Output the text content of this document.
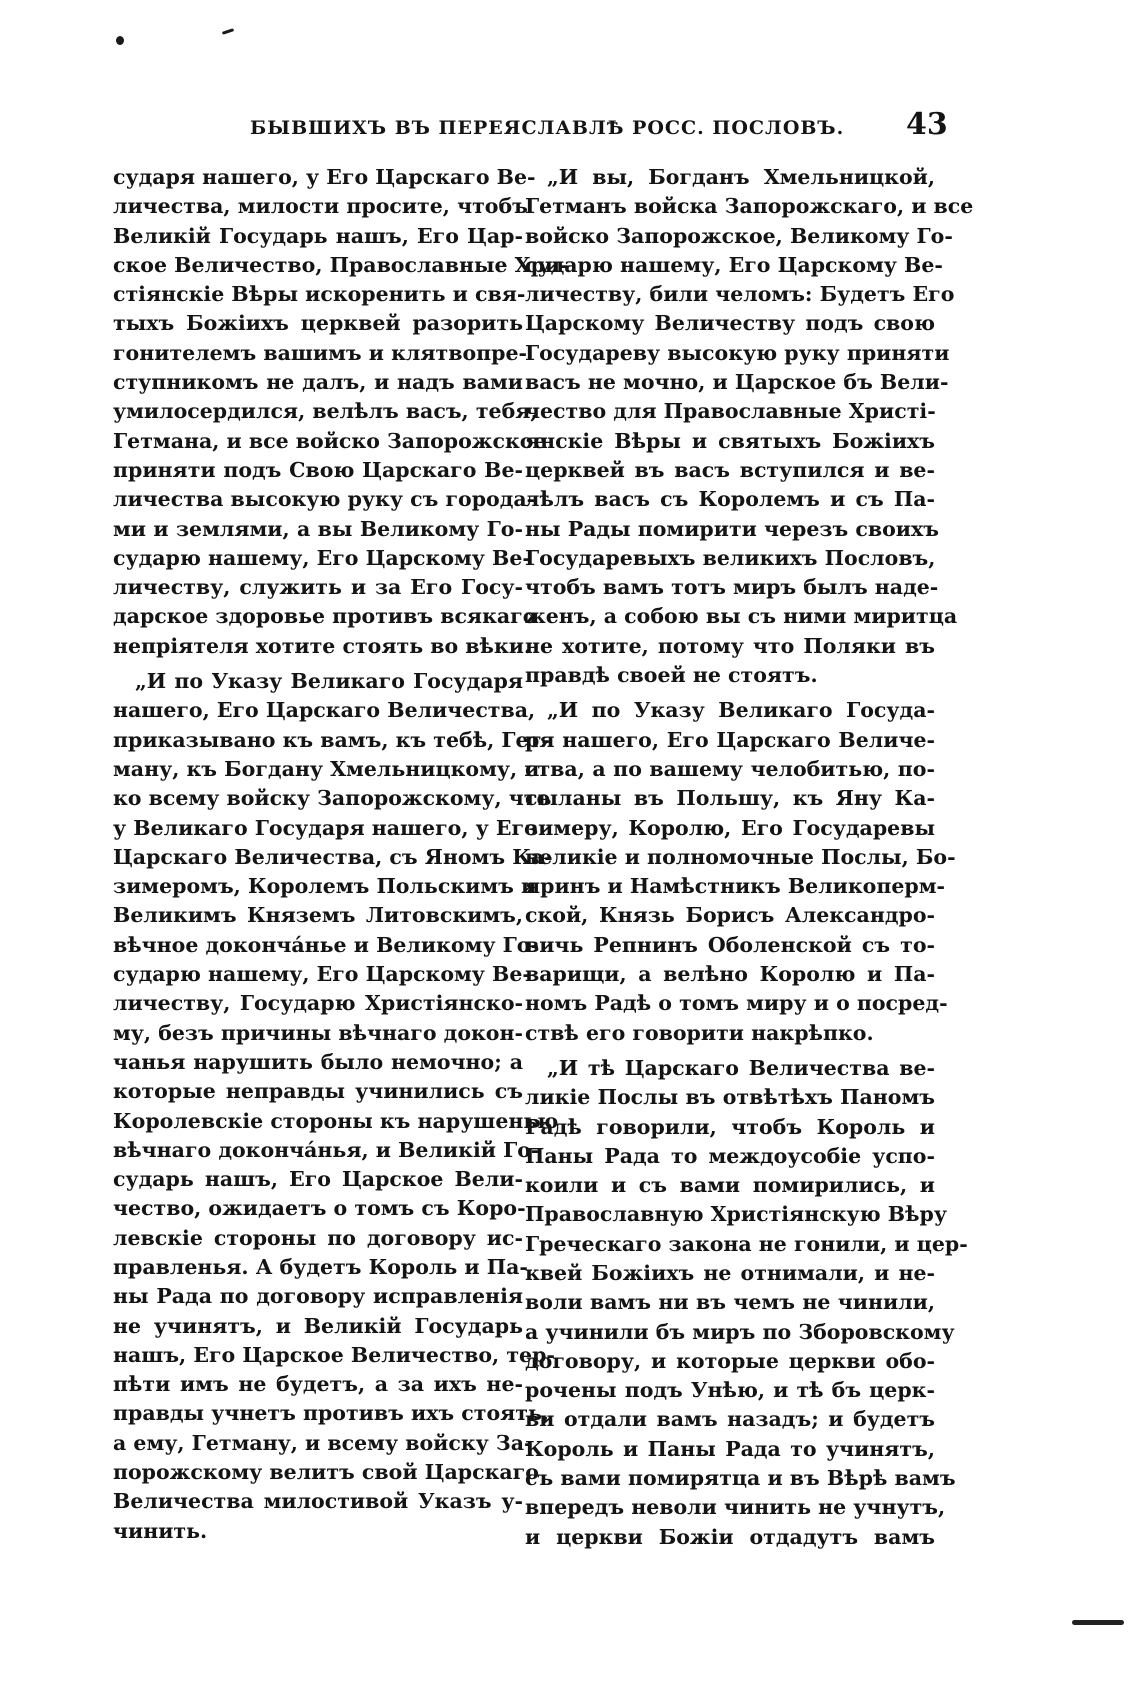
БЫВШИХЪ ВЪ ПЕРЕЯСЛАВЛѢ РОСС. ПОСЛОВЪ. 43
сударя нашего, у Его Царскаго Ве-
личества, милости просите, чтобъ
Великій Государь нашъ, Его Цар-
ское Величество, Православные Хри-
стіянскіе Вѣры искоренить и свя-
тыхъ Божіихъ церквей разорить
гонителемъ вашимъ и клятвопре-
ступникомъ не далъ, и надъ вами
умилосердился, велѣлъ васъ, тебя,
Гетмана, и все войско Запорожское
приняти подъ Свою Царскаго Ве-
личества высокую руку съ города-
ми и землями, а вы Великому Го-
сударю нашему, Его Царскому Ве-
личеству, служить и за Его Госу-
дарское здоровье противъ всякаго
непріятеля хотите стоять во вѣки.
„И по Указу Великаго Государя
нашего, Его Царскаго Величества,
приказывано къ вамъ, къ тебѣ, Гет-
ману, къ Богдану Хмельницкому, и
ко всему войску Запорожскому, что
у Великаго Государя нашего, у Его
Царскаго Величества, съ Яномъ Ка-
зимеромъ, Королемъ Польскимъ и
Великимъ Княземъ Литовскимъ,
вѣчное доконча́нье и Великому Го-
сударю нашему, Его Царскому Ве-
личеству, Государю Христіянско-
му, безъ причины вѣчнаго докон-
чанья нарушить было немочно; а
которые неправды учинились съ
Королевскіе стороны къ нарушенью
вѣчнаго доконча́нья, и Великій Го-
сударь нашъ, Его Царское Вели-
чество, ожидаетъ о томъ съ Коро-
левскіе стороны по договору ис-
правленья. А будетъ Король и Па-
ны Рада по договору исправленія
не учинятъ, и Великій Государь
нашъ, Его Царское Величество, тер-
пѣти имъ не будетъ, а за ихъ не-
правды учнетъ противъ ихъ стоять,
а ему, Гетману, и всему войску За-
порожскому велитъ свой Царскаго
Величества милостивой Указъ у-
чинить.
„И вы, Богданъ Хмельницкой,
Гетманъ войска Запорожскаго, и все
войско Запорожское, Великому Го-
сударю нашему, Его Царскому Ве-
личеству, били челомъ: Будетъ Его
Царскому Величеству подъ свою
Государеву высокую руку приняти
васъ не мочно, и Царское бъ Вели-
чество для Православные Христі-
янскіе Вѣры и святыхъ Божіихъ
церквей въ васъ вступился и ве-
лѣлъ васъ съ Королемъ и съ Па-
ны Рады помирити черезъ своихъ
Государевыхъ великихъ Пословъ,
чтобъ вамъ тотъ миръ былъ наде-
женъ, а собою вы съ ними миритца
не хотите, потому что Поляки въ
правдѣ своей не стоятъ.
„И по Указу Великаго Госуда-
ря нашего, Его Царскаго Величе-
ства, а по вашему челобитью, по-
сыланы въ Польшу, къ Яну Ка-
зимеру, Королю, Его Государевы
великіе и полномочные Послы, Бо-
яринъ и Намѣстникъ Великоперм-
ской, Князь Борисъ Александро-
вичь Репнинъ Оболенской съ то-
варищи, а велѣно Королю и Па-
номъ Радѣ о томъ миру и о посред-
ствѣ его говорити накрѣпко.
„И тѣ Царскаго Величества ве-
ликіе Послы въ отвѣтѣхъ Паномъ
Радѣ говорили, чтобъ Король и
Паны Рада то междоусобіе успо-
коили и съ вами помирились, и
Православную Христіянскую Вѣру
Греческаго закона не гонили, и цер-
квей Божіихъ не отнимали, и не-
воли вамъ ни въ чемъ не чинили,
а учинили бъ миръ по Зборовскому
договору, и которые церкви обо-
рочены подъ Унѣю, и тѣ бъ церк-
ви отдали вамъ назадъ; и будетъ
Король и Паны Рада то учинятъ,
съ вами помирятца и въ Вѣрѣ вамъ
впередъ неволи чинить не учнутъ,
и церкви Божіи отдадутъ вамъ
